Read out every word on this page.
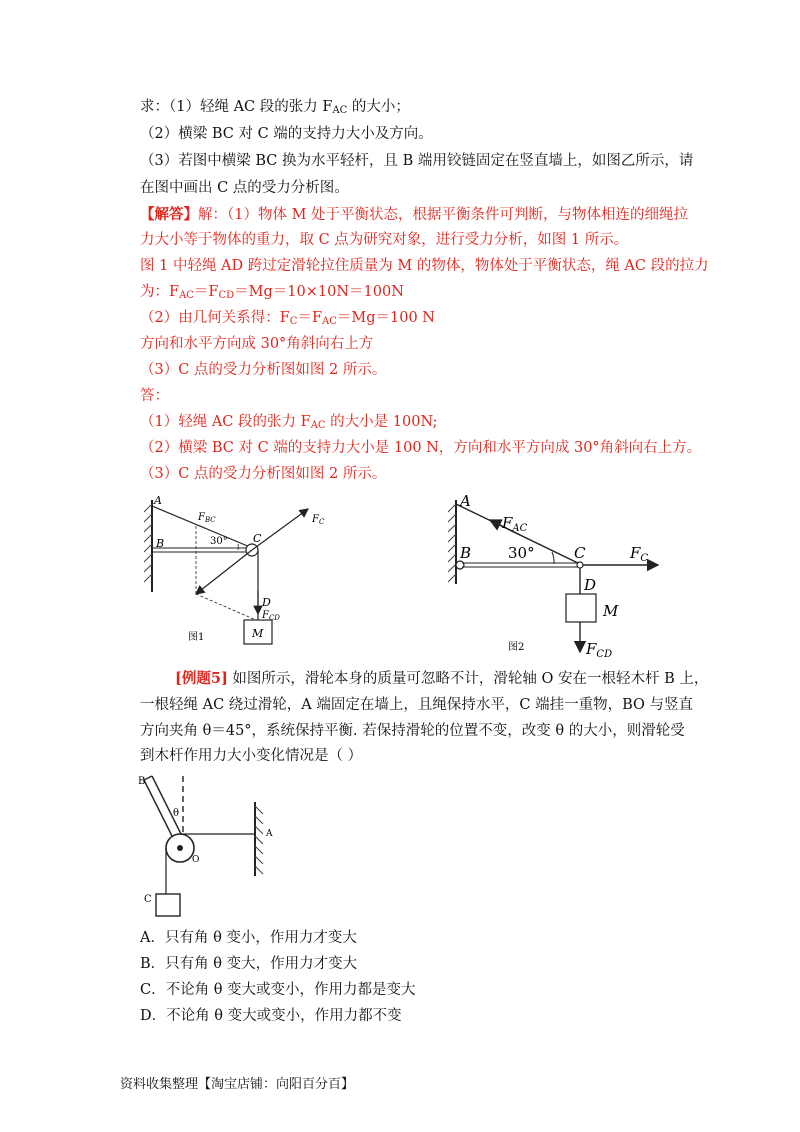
求：（1）轻绳 AC 段的张力 $F_{AC}$ 的大小；
（2）横梁 BC 对 C 端的支持力大小及方向。
（3）若图中横梁 BC 换为水平轻杆，且 B 端用铰链固定在竖直墙上，如图乙所示，请
在图中画出 C 点的受力分析图。
【解答】解：（1）物体 M 处于平衡状态，根据平衡条件可判断，与物体相连的细绳拉
力大小等于物体的重力，取 C 点为研究对象，进行受力分析，如图 1 所示。
图 1 中轻绳 AD 跨过定滑轮拉住质量为 M 的物体，物体处于平衡状态，绳 AC 段的拉力
为：$F_{AC}=F_{CD}=Mg=10\times 10N=100N$
（2）由几何关系得：$F_C=F_{AC}=Mg=100$ N
方向和水平方向成 30°角斜向右上方
（3）C 点的受力分析图如图 2 所示。
答：
（1）轻绳 AC 段的张力 $F_{AC}$ 的大小是 100N;
（2）横梁 BC 对 C 端的支持力大小是 100 N，方向和水平方向成 30°角斜向右上方。
（3）C 点的受力分析图如图 2 所示。
A
B	C
D
M
30°
$F_{BC}$	$F_C$
$F_{CD}$
图1
A
B	C
D
M
30°
$F_{AC}$
$F_C$
$F_{CD}$
图2
[例题5] 如图所示，滑轮本身的质量可忽略不计，滑轮轴 O 安在一根轻木杆 B 上，
一根轻绳 AC 绕过滑轮，A 端固定在墙上，且绳保持水平，C 端挂一重物，BO 与竖直
方向夹角 θ＝45°，系统保持平衡. 若保持滑轮的位置不变，改变 θ 的大小，则滑轮受
到木杆作用力大小变化情况是（ ）
B
θ
A
O
C
A．只有角 θ 变小，作用力才变大
B．只有角 θ 变大，作用力才变大
C．不论角 θ 变大或变小，作用力都是变大
D．不论角 θ 变大或变小，作用力都不变
资料收集整理【淘宝店铺：向阳百分百】
